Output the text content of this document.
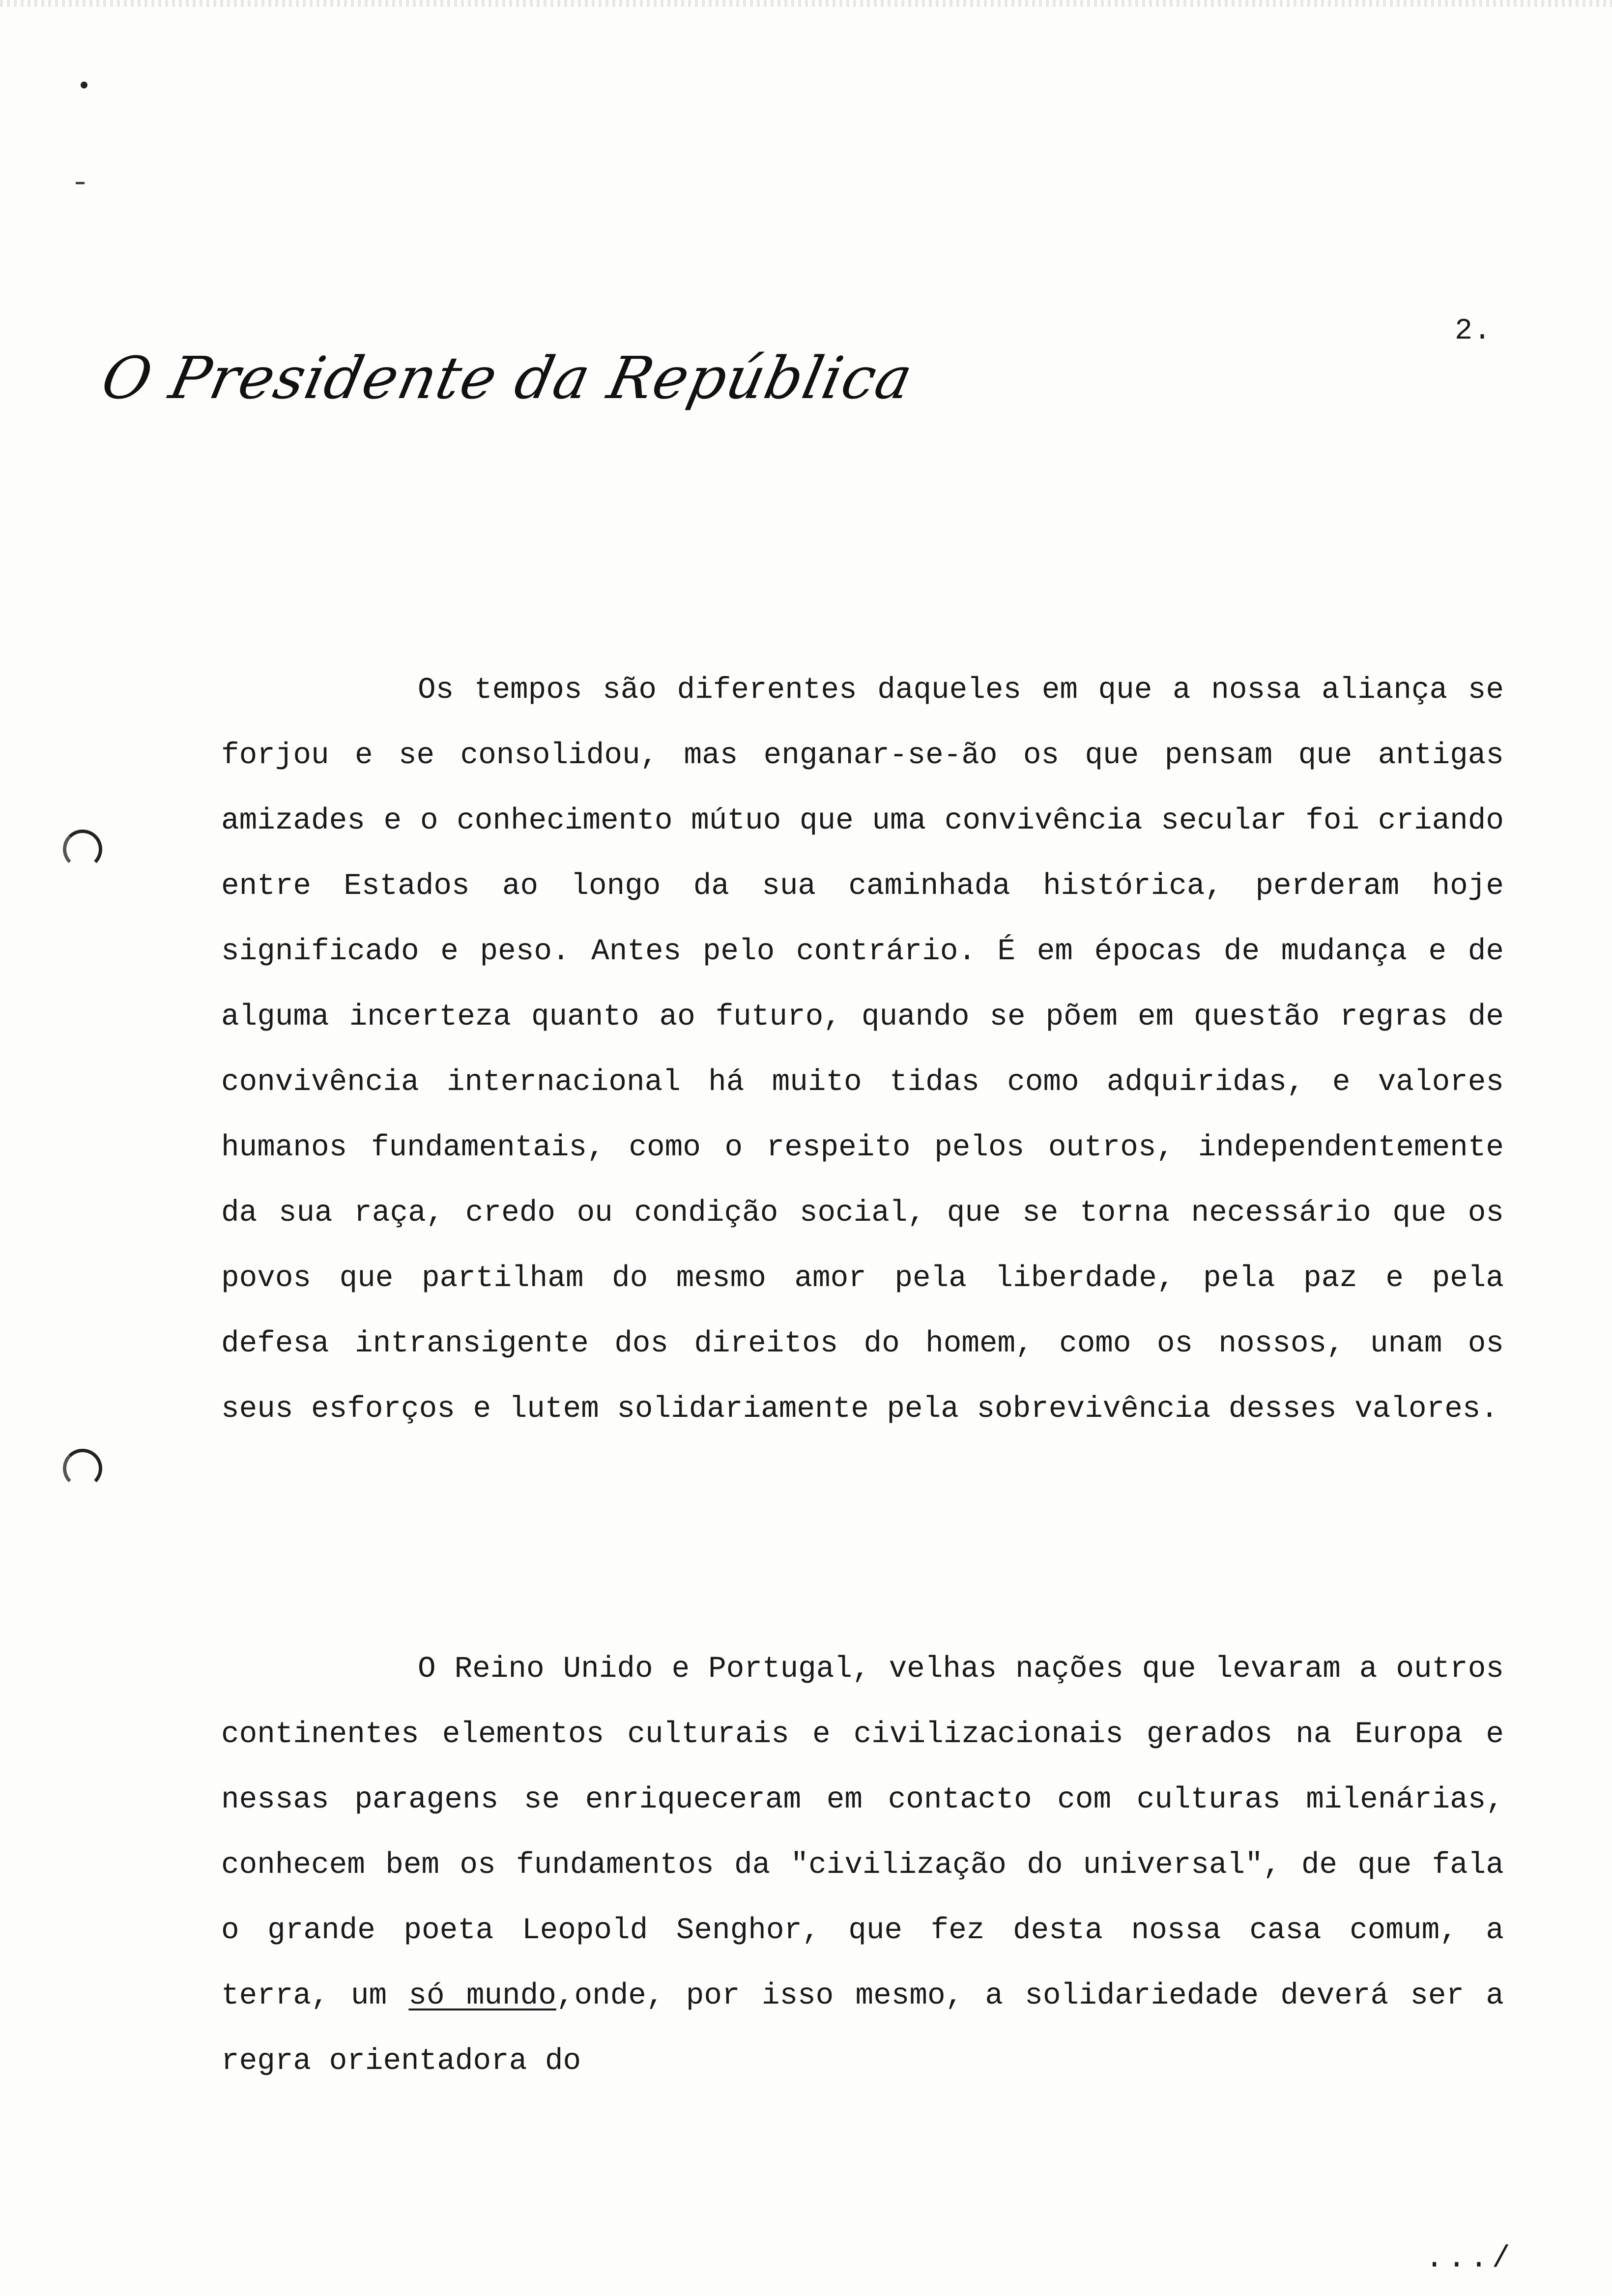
2.
O Presidente da República

Os tempos são diferentes daqueles em que a nossa aliança se forjou e se consolidou, mas enganar-se-ão os que pensam que antigas amizades e o conhecimento mútuo que uma convivência secular foi criando entre Estados ao longo da sua caminhada histórica, perderam hoje significado e peso. Antes pelo contrário. É em épocas de mudança e de alguma incerteza quanto ao futuro, quando se põem em questão regras de convivência internacional há muito tidas como adquiridas, e valores humanos fundamentais, como o respeito pelos outros, independentemente da sua raça, credo ou condição social, que se torna necessário que os povos que partilham do mesmo amor pela liberdade, pela paz e pela defesa intransigente dos direitos do homem, como os nossos, unam os seus esforços e lutem solidariamente pela sobrevivência desses valores.

O Reino Unido e Portugal, velhas nações que levaram a outros continentes elementos culturais e civilizacionais gerados na Europa e nessas paragens se enriqueceram em contacto com culturas milenárias, conhecem bem os fundamentos da "civilização do universal", de que fala o grande poeta Leopold Senghor, que fez desta nossa casa comum, a terra, um só mundo,onde, por isso mesmo, a solidariedade deverá ser a regra orientadora do

.../
